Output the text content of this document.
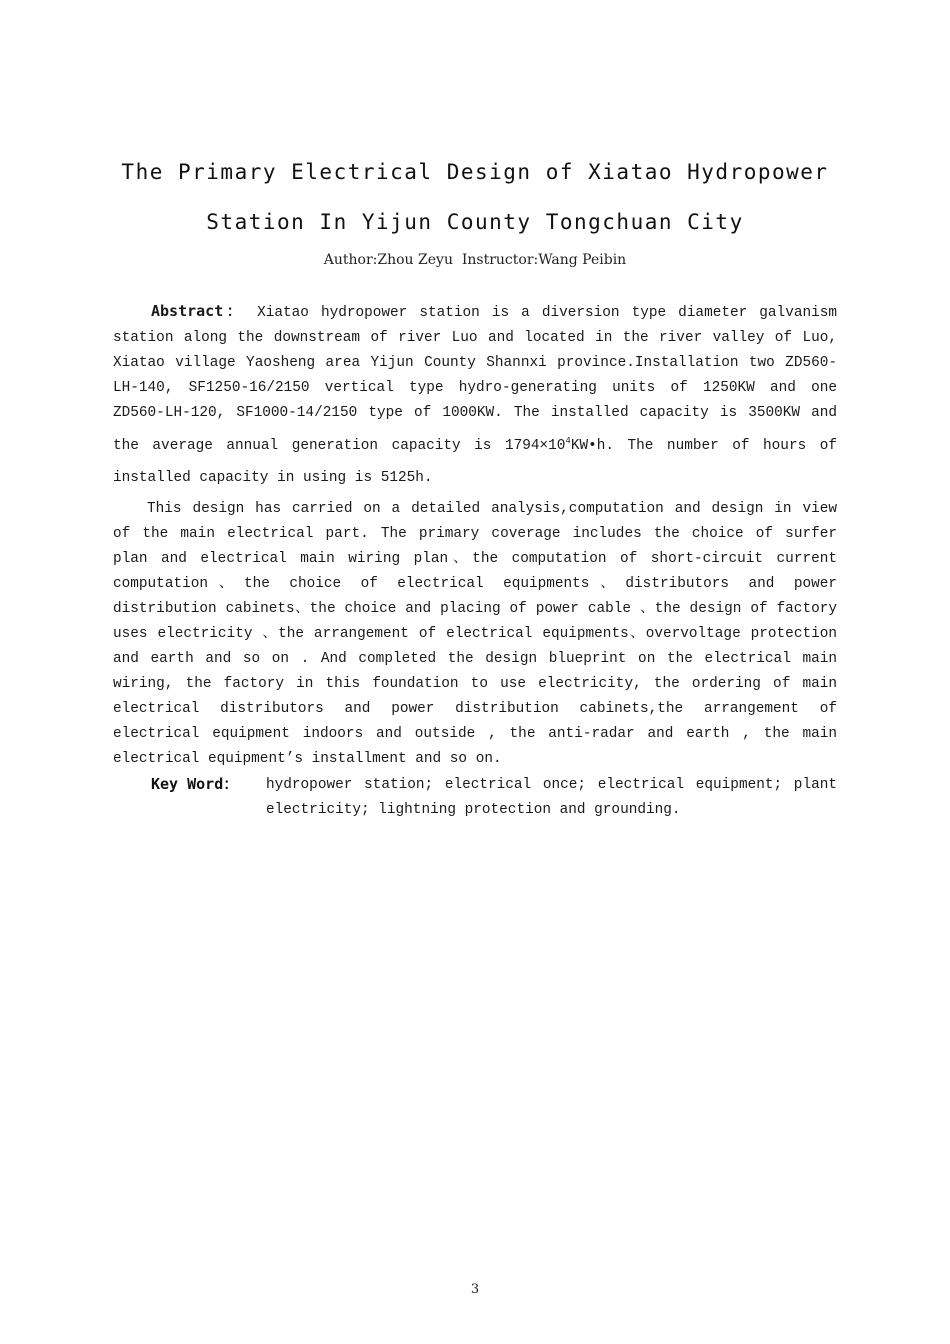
The Primary Electrical Design of Xiatao Hydropower
Station In Yijun County Tongchuan City
Author:Zhou Zeyu  Instructor:Wang Peibin

Abstract： Xiatao hydropower station is a diversion type diameter galvanism station along the downstream of river Luo and located in the river valley of Luo, Xiatao village Yaosheng area Yijun County Shannxi province.Installation two ZD560-LH-140, SF1250-16/2150 vertical type hydro-generating units of 1250KW and one ZD560-LH-120, SF1000-14/2150 type of 1000KW. The installed capacity is 3500KW and the average annual generation capacity is $1794\times 10^4KW•h$. The number of hours of installed capacity in using is 5125h.

This design has carried on a detailed analysis,computation and design in view of the main electrical part. The primary coverage includes the choice of surfer plan and electrical main wiring plan、the computation of short-circuit current computation、the choice of electrical equipments、distributors and power distribution cabinets、the choice and placing of power cable 、the design of factory uses electricity 、the arrangement of electrical equipments、overvoltage protection and earth and so on . And completed the design blueprint on the electrical main wiring, the factory in this foundation to use electricity, the ordering of main electrical distributors and power distribution cabinets,the arrangement of electrical equipment indoors and outside , the anti-radar and earth , the main electrical equipment’s installment and so on.

Key Word： hydropower station; electrical once; electrical equipment; plant electricity; lightning protection and grounding.

3
